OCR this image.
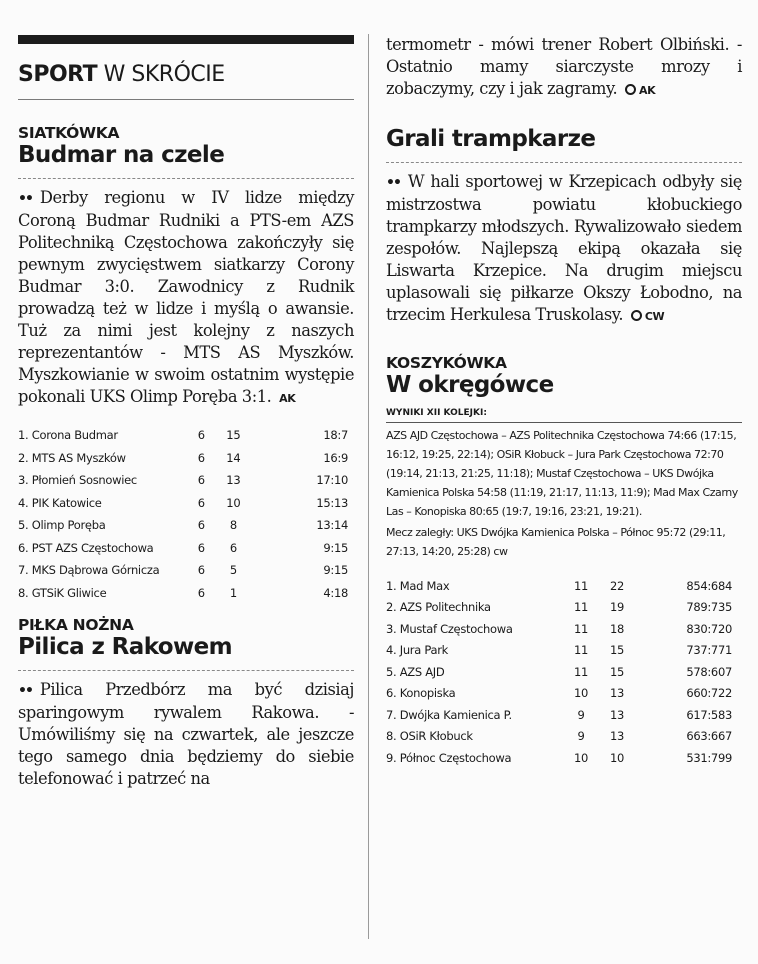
SPORT W SKRÓCIE
SIATKÓWKA
Budmar na czele
•• Derby regionu w IV lidze między Coroną Budmar Rudniki a PTS-em AZS Politechniką Częstochowa zakończyły się pewnym zwycięstwem siatkarzy Corony Budmar 3:0. Zawodnicy z Rudnik prowadzą też w lidze i myślą o awansie. Tuż za nimi jest kolejny z naszych reprezentantów - MTS AS Myszków. Myszkowianie w swoim ostatnim występie pokonali UKS Olimp Poręba 3:1. AK
1. Corona Budmar	6	15	18:7
2. MTS AS Myszków	6	14	16:9
3. Płomień Sosnowiec	6	13	17:10
4. PIK Katowice	6	10	15:13
5. Olimp Poręba	6	8	13:14
6. PST AZS Częstochowa	6	6	9:15
7. MKS Dąbrowa Górnicza	6	5	9:15
8. GTSiK Gliwice	6	1	4:18
PIŁKA NOŻNA
Pilica z Rakowem
•• Pilica Przedbórz ma być dzisiaj sparingowym rywalem Rakowa. - Umówiliśmy się na czwartek, ale jeszcze tego samego dnia będziemy do siebie telefonować i patrzeć na
termometr - mówi trener Robert Olbiński. - Ostatnio mamy siarczyste mrozy i zobaczymy, czy i jak zagramy. AK
Grali trampkarze
•• W hali sportowej w Krzepicach odbyły się mistrzostwa powiatu kłobuckiego trampkarzy młodszych. Rywalizowało siedem zespołów. Najlepszą ekipą okazała się Liswarta Krzepice. Na drugim miejscu uplasowali się piłkarze Okszy Łobodno, na trzecim Herkulesa Truskolasy. CW
KOSZYKÓWKA
W okręgówce
WYNIKI XII KOLEJKI:
AZS AJD Częstochowa – AZS Politechnika Częstochowa 74:66 (17:15, 16:12, 19:25, 22:14); OSiR Kłobuck – Jura Park Częstochowa 72:70 (19:14, 21:13, 21:25, 11:18); Mustaf Częstochowa – UKS Dwójka Kamienica Polska 54:58 (11:19, 21:17, 11:13, 11:9); Mad Max Czarny Las – Konopiska 80:65 (19:7, 19:16, 23:21, 19:21).
Mecz zaległy: UKS Dwójka Kamienica Polska – Północ 95:72 (29:11, 27:13, 14:20, 25:28) cw
1. Mad Max	11	22	854:684
2. AZS Politechnika	11	19	789:735
3. Mustaf Częstochowa	11	18	830:720
4. Jura Park	11	15	737:771
5. AZS AJD	11	15	578:607
6. Konopiska	10	13	660:722
7. Dwójka Kamienica P.	9	13	617:583
8. OSiR Kłobuck	9	13	663:667
9. Północ Częstochowa	10	10	531:799
